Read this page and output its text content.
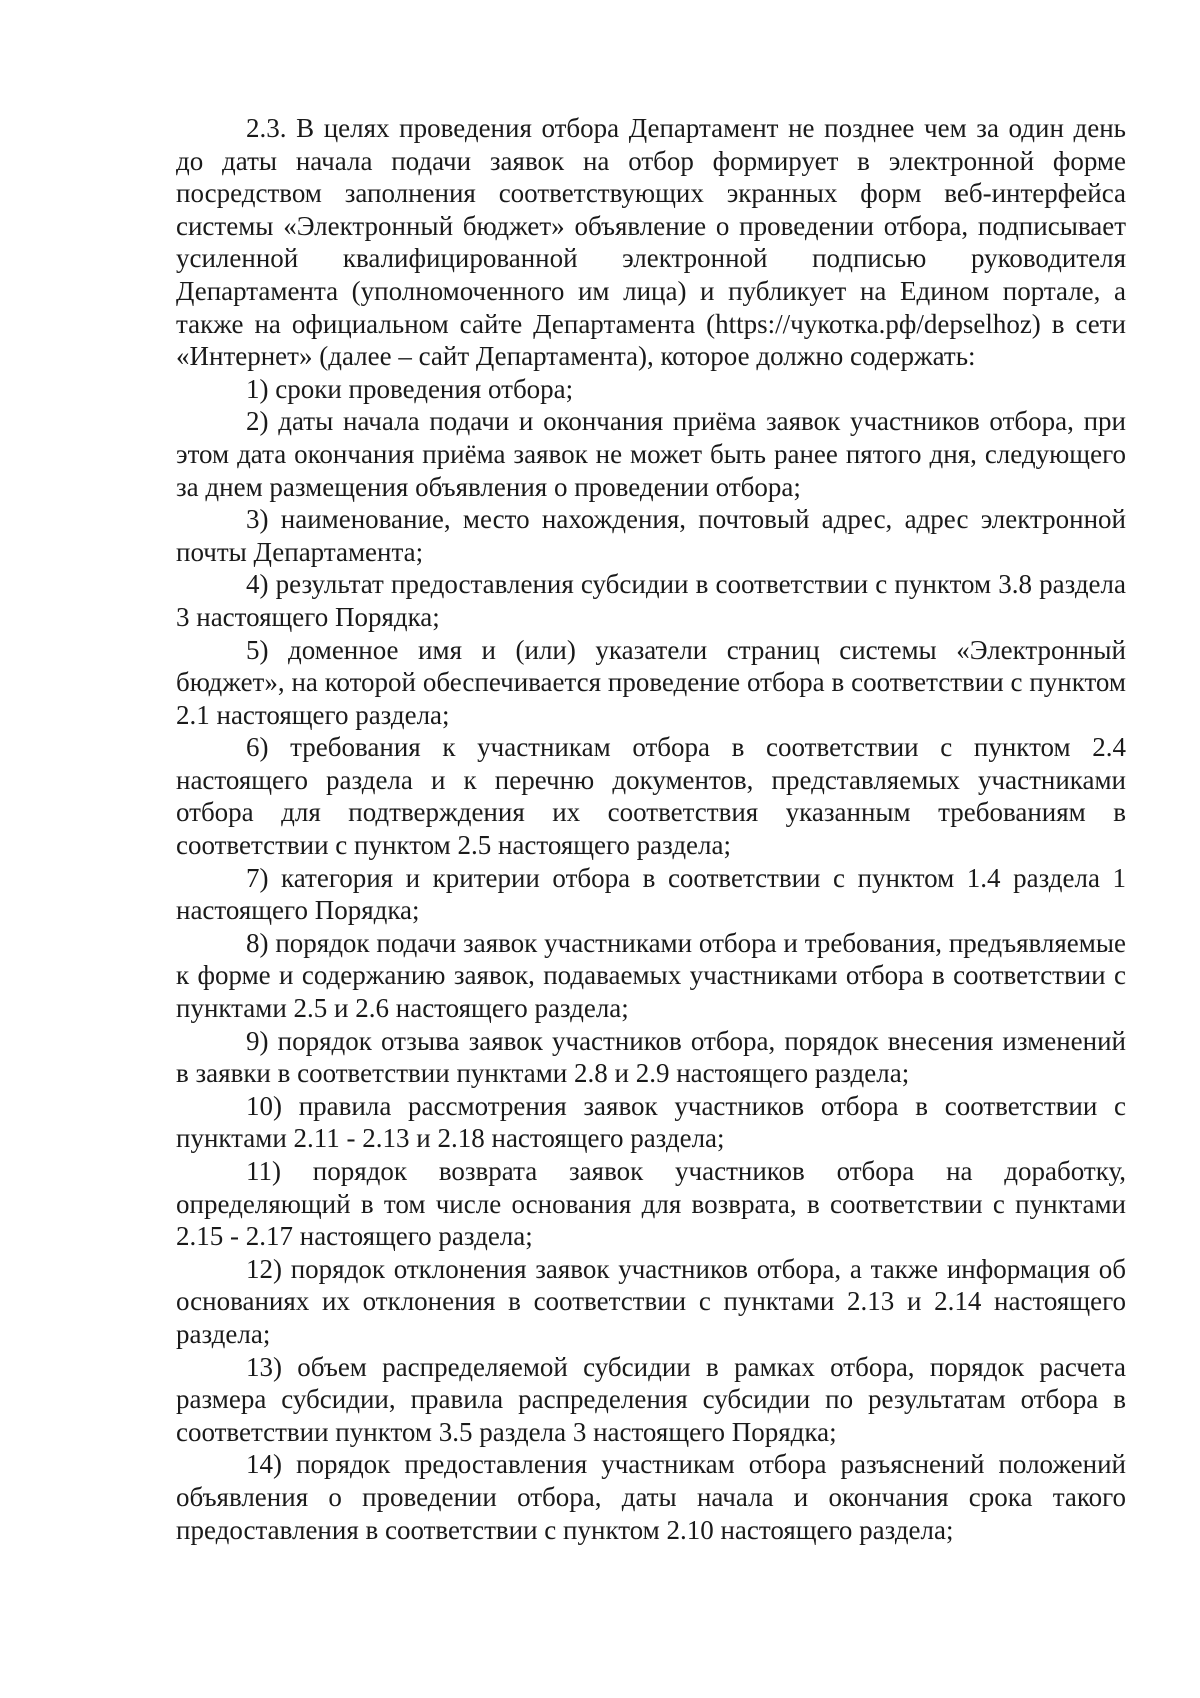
2.3. В целях проведения отбора Департамент не позднее чем за один день до даты начала подачи заявок на отбор формирует в электронной форме посредством заполнения соответствующих экранных форм веб-интерфейса системы «Электронный бюджет» объявление о проведении отбора, подписывает усиленной квалифицированной электронной подписью руководителя Департамента (уполномоченного им лица) и публикует на Едином портале, а также на официальном сайте Департамента (https://чукотка.рф/depselhoz) в сети «Интернет» (далее – сайт Департамента), которое должно содержать:

1) сроки проведения отбора;

2) даты начала подачи и окончания приёма заявок участников отбора, при этом дата окончания приёма заявок не может быть ранее пятого дня, следующего за днем размещения объявления о проведении отбора;

3) наименование, место нахождения, почтовый адрес, адрес электронной почты Департамента;

4) результат предоставления субсидии в соответствии с пунктом 3.8 раздела 3 настоящего Порядка;

5) доменное имя и (или) указатели страниц системы «Электронный бюджет», на которой обеспечивается проведение отбора в соответствии с пунктом 2.1 настоящего раздела;

6) требования к участникам отбора в соответствии с пунктом 2.4 настоящего раздела и к перечню документов, представляемых участниками отбора для подтверждения их соответствия указанным требованиям в соответствии с пунктом 2.5 настоящего раздела;

7) категория и критерии отбора в соответствии с пунктом 1.4 раздела 1 настоящего Порядка;

8) порядок подачи заявок участниками отбора и требования, предъявляемые к форме и содержанию заявок, подаваемых участниками отбора в соответствии с пунктами 2.5 и 2.6 настоящего раздела;

9) порядок отзыва заявок участников отбора, порядок внесения изменений в заявки в соответствии пунктами 2.8 и 2.9 настоящего раздела;

10) правила рассмотрения заявок участников отбора в соответствии с пунктами 2.11 - 2.13 и 2.18 настоящего раздела;

11) порядок возврата заявок участников отбора на доработку, определяющий в том числе основания для возврата, в соответствии с пунктами 2.15 - 2.17 настоящего раздела;

12) порядок отклонения заявок участников отбора, а также информация об основаниях их отклонения в соответствии с пунктами 2.13 и 2.14 настоящего раздела;

13) объем распределяемой субсидии в рамках отбора, порядок расчета размера субсидии, правила распределения субсидии по результатам отбора в соответствии пунктом 3.5 раздела 3 настоящего Порядка;

14) порядок предоставления участникам отбора разъяснений положений объявления о проведении отбора, даты начала и окончания срока такого предоставления в соответствии с пунктом 2.10 настоящего раздела;
